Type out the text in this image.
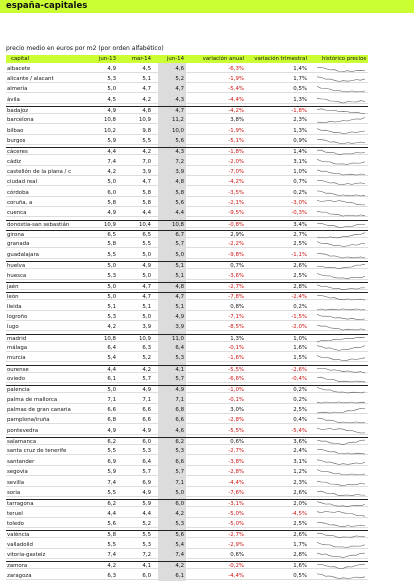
españa-capitales
precio medio en euros por m2 (por orden alfabético)
capital	jun-13	mar-14	jun-14	variación anual	variación trimestral	histórico precios
albacete	4,9	4,5	4,6	-6,3%	1,4%
alicante / alacant	5,3	5,1	5,2	-1,9%	1,7%
almería	5,0	4,7	4,7	-5,4%	0,5%
ávila	4,5	4,2	4,3	-4,4%	1,3%
badajoz	4,9	4,8	4,7	-4,2%	-1,8%
barcelona	10,8	10,9	11,2	3,8%	2,3%
bilbao	10,2	9,8	10,0	-1,9%	1,3%
burgos	5,9	5,5	5,6	-5,1%	0,9%
cáceres	4,4	4,2	4,3	-1,8%	1,4%
cádiz	7,4	7,0	7,2	-2,0%	3,1%
castellón de la plana / c	4,2	3,9	3,9	-7,0%	1,0%
ciudad real	5,0	4,7	4,8	-4,2%	0,7%
córdoba	6,0	5,8	5,8	-3,5%	0,2%
coruña, a	5,8	5,8	5,6	-2,1%	-3,0%
cuenca	4,9	4,4	4,4	-9,5%	-0,3%
donostia-san sebastián	10,9	10,4	10,8	-0,8%	3,4%
girona	6,5	6,5	6,7	2,9%	2,7%
granada	5,8	5,5	5,7	-2,2%	2,5%
guadalajara	5,5	5,0	5,0	-9,8%	-1,1%
huelva	5,0	4,9	5,1	0,7%	2,6%
huesca	5,3	5,0	5,1	-3,6%	2,5%
jaén	5,0	4,7	4,8	-2,7%	2,8%
león	5,0	4,7	4,7	-7,8%	-2,4%
lleida	5,1	5,1	5,1	0,8%	0,2%
logroño	5,3	5,0	4,9	-7,1%	-1,5%
lugo	4,2	3,9	3,9	-8,5%	-2,0%
madrid	10,8	10,9	11,0	1,3%	1,0%
málaga	6,4	6,3	6,4	-0,1%	1,6%
murcia	5,4	5,2	5,3	-1,6%	1,5%
ourense	4,4	4,2	4,1	-5,5%	-2,6%
oviedo	6,1	5,7	5,7	-6,6%	-0,4%
palencia	5,0	4,9	4,9	-1,0%	0,2%
palma de mallorca	7,1	7,1	7,1	-0,1%	0,2%
palmas de gran canaria	6,6	6,6	6,8	3,0%	2,5%
pamplona/iruña	6,8	6,6	6,6	-2,8%	0,4%
pontevedra	4,9	4,9	4,6	-5,5%	-5,4%
salamanca	6,2	6,0	6,2	0,6%	3,6%
santa cruz de tenerife	5,5	5,3	5,3	-2,7%	2,4%
santander	6,9	6,4	6,6	-3,8%	3,1%
segovia	5,9	5,7	5,7	-2,8%	1,2%
sevilla	7,4	6,9	7,1	-4,4%	2,3%
soria	5,5	4,9	5,0	-7,6%	2,6%
tarragona	6,2	5,9	6,0	-3,1%	2,0%
teruel	4,4	4,4	4,2	-5,0%	-4,5%
toledo	5,6	5,2	5,3	-5,0%	2,5%
valència	5,8	5,5	5,6	-2,7%	2,6%
valladolid	5,5	5,3	5,4	-2,9%	1,7%
vitoria-gasteiz	7,4	7,2	7,4	0,6%	2,8%
zamora	4,2	4,1	4,2	-0,2%	1,6%
zaragoza	6,3	6,0	6,1	-4,4%	0,5%
